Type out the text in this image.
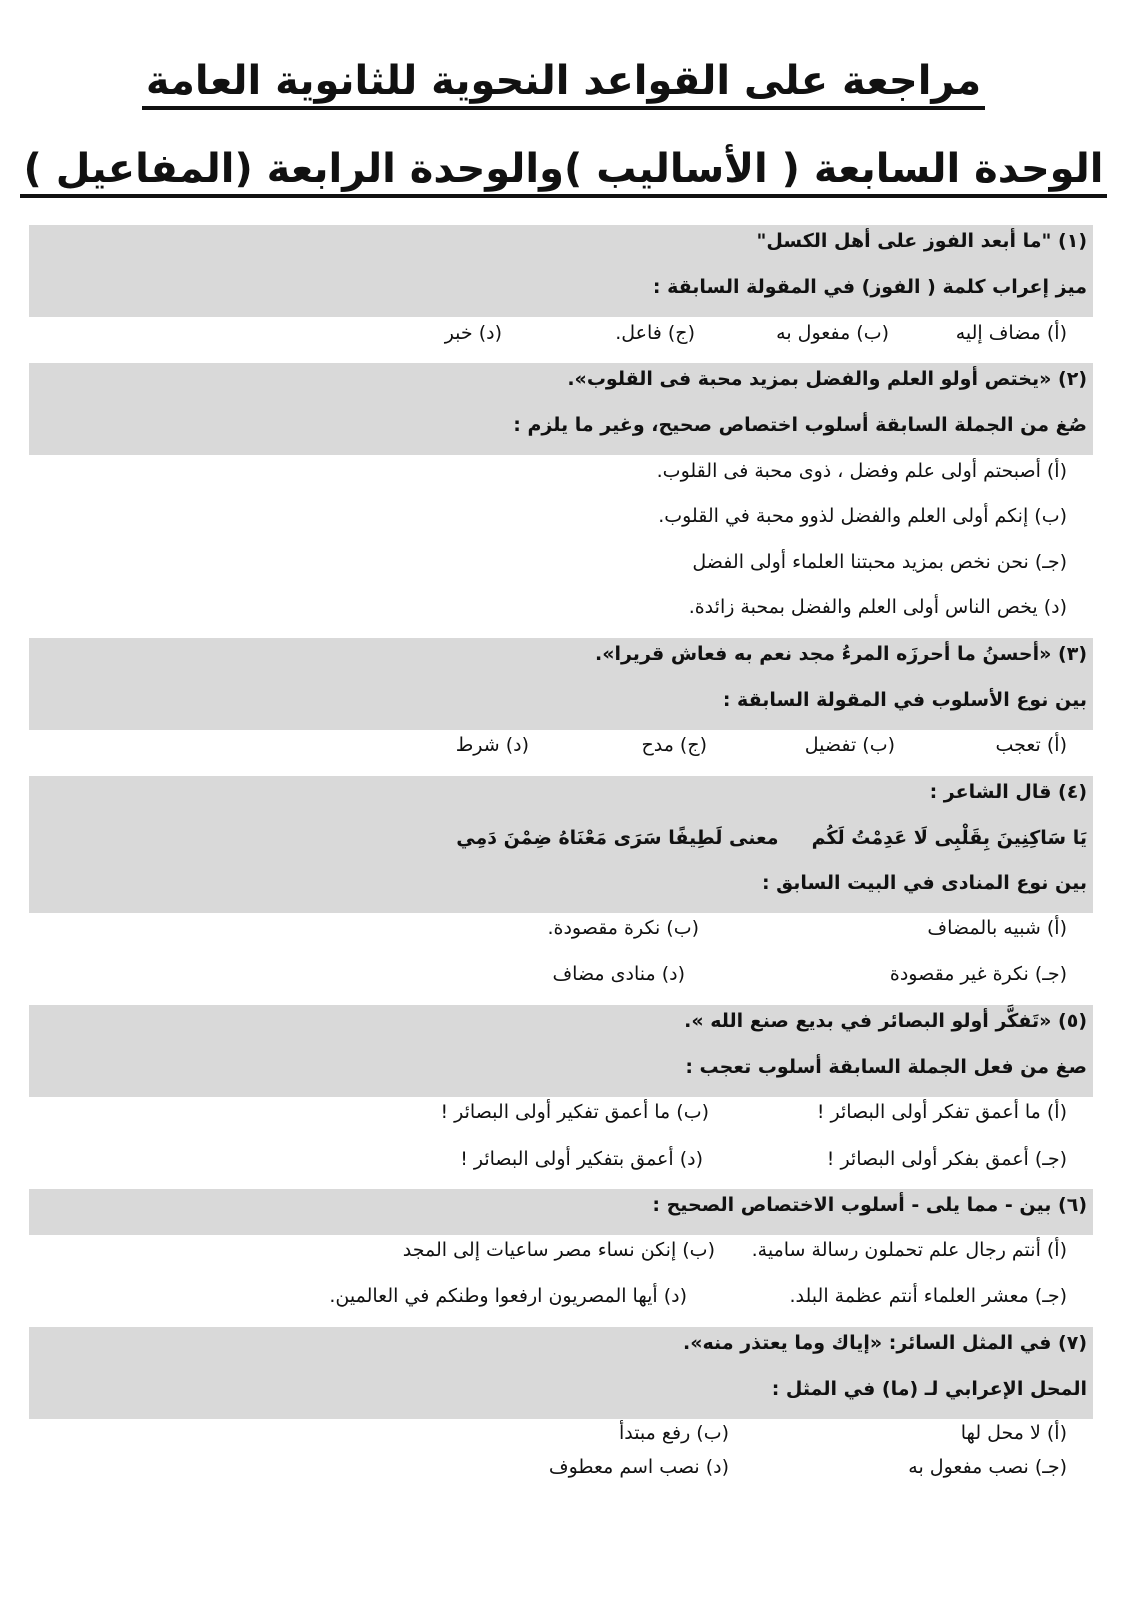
مراجعة على القواعد النحوية للثانوية العامة
الوحدة السابعة ( الأساليب )والوحدة الرابعة (المفاعيل )
(١) "ما أبعد الفوز على أهل الكسل"
ميز إعراب كلمة ( الفوز) في المقولة السابقة :
(أ) مضاف إليه
(ب) مفعول به
(ج) فاعل.
(د) خبر
(٢) «يختص أولو العلم والفضل بمزيد محبة فى القلوب».
صُغ من الجملة السابقة أسلوب اختصاص صحيح، وغير ما يلزم :
(أ) أصبحتم أولى علم وفضل ، ذوى محبة فى القلوب.
(ب) إنكم أولى العلم والفضل لذوو محبة في القلوب.
(جـ) نحن نخص بمزيد محبتنا العلماء أولى الفضل
(د) يخص الناس أولى العلم والفضل بمحبة زائدة.
(٣) «أحسنُ ما أحرزَه المرءُ مجد نعم به فعاش قريرا».
بين نوع الأسلوب في المقولة السابقة :
(أ) تعجب
(ب) تفضيل
(ج) مدح
(د) شرط
(٤) قال الشاعر :
يَا سَاكِنِينَ بِقَلْبِى لَا عَدِمْتُ لَكُم     معنى لَطِيفًا سَرَى مَعْنَاهُ ضِمْنَ دَمِي
بين نوع المنادى في البيت السابق :
(أ) شبيه بالمضاف
(ب) نكرة مقصودة.
(جـ) نكرة غير مقصودة
(د) منادى مضاف
(٥) «تَفكَّر أولو البصائر في بديع صنع الله ».
صغ من فعل الجملة السابقة أسلوب تعجب :
(أ) ما أعمق تفكر أولى البصائر !
(ب) ما أعمق تفكير أولى البصائر !
(جـ) أعمق بفكر أولى البصائر !
(د) أعمق بتفكير أولى البصائر !
(٦) بين - مما يلى - أسلوب الاختصاص الصحيح :
(أ) أنتم رجال علم تحملون رسالة سامية.
(ب) إنكن نساء مصر ساعيات إلى المجد
(جـ) معشر العلماء أنتم عظمة البلد.
(د) أيها المصريون ارفعوا وطنكم في العالمين.
(٧) في المثل السائر: «إياك وما يعتذر منه».
المحل الإعرابي لـ (ما) في المثل :
(أ) لا محل لها
(ب) رفع مبتدأ
(جـ) نصب مفعول به
(د) نصب اسم معطوف
